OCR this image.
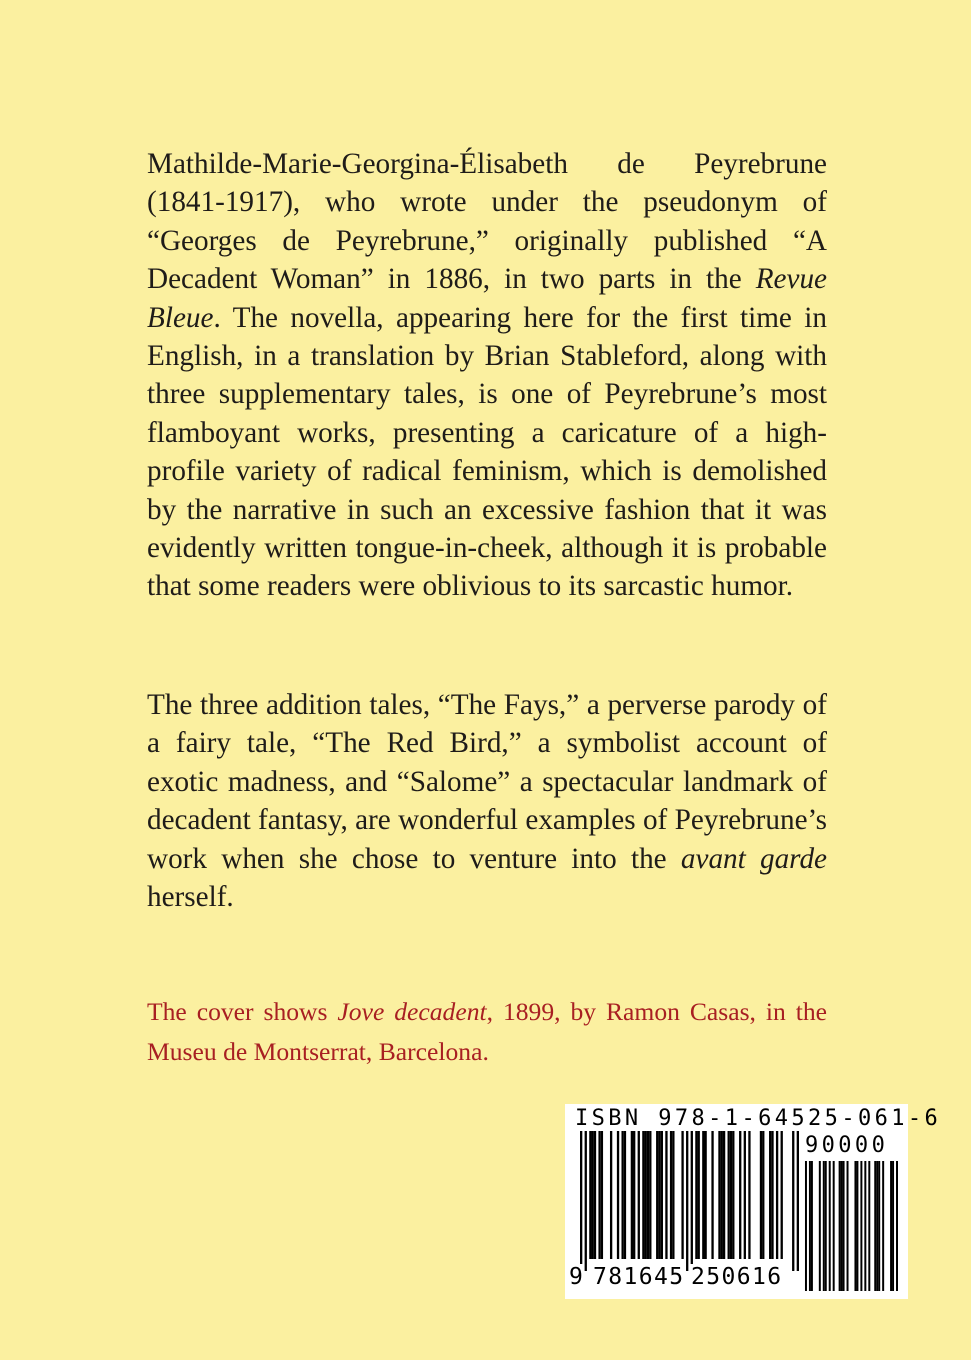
Mathilde-Marie-Georgina-Élisabeth de Peyrebrune (1841-1917), who wrote under the pseudonym of “Georges de Peyrebrune,” originally published “A Decadent Woman” in 1886, in two parts in the Revue Bleue. The novella, appearing here for the first time in English, in a translation by Brian Stableford, along with three supplementary tales, is one of Peyrebrune’s most flamboyant works, presenting a caricature of a high-profile variety of radical feminism, which is demolished by the narrative in such an excessive fashion that it was evidently written tongue-in-cheek, although it is probable that some readers were oblivious to its sarcastic humor.
The three addition tales, “The Fays,” a perverse parody of a fairy tale, “The Red Bird,” a symbolist account of exotic madness, and “Salome” a spectacular landmark of decadent fantasy, are wonderful examples of Peyrebrune’s work when she chose to venture into the avant garde herself.
The cover shows Jove decadent, 1899, by Ramon Casas, in the Museu de Montserrat, Barcelona.
ISBN 978-1-64525-061-6
90000
9 781645 250616
